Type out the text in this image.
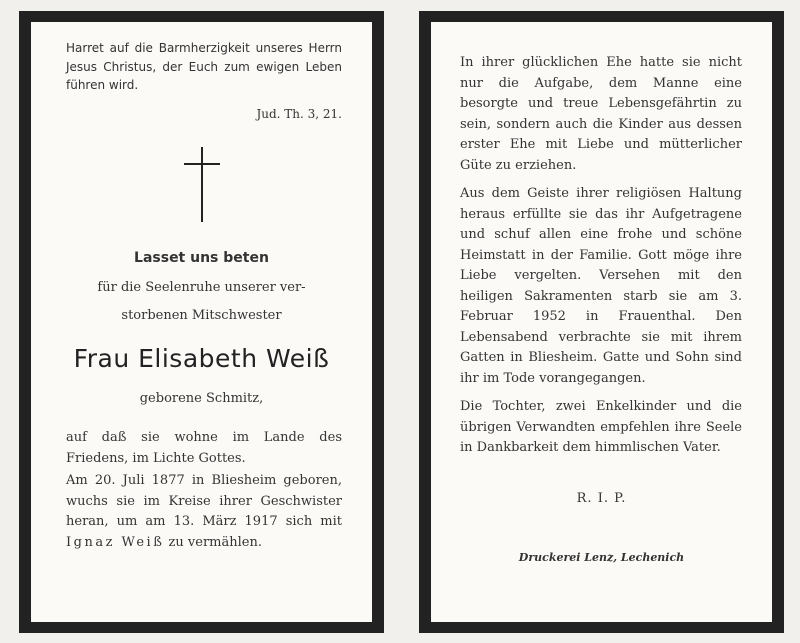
Harret auf die Barmherzigkeit unseres Herrn Jesus Christus, der Euch zum ewigen Leben führen wird.
Jud. Th. 3, 21.
Lasset uns beten
für die Seelenruhe unserer ver-
storbenen Mitschwester
Frau Elisabeth Weiß
geborene Schmitz,

auf daß sie wohne im Lande des Friedens, im Lichte Gottes.

Am 20. Juli 1877 in Bliesheim geboren, wuchs sie im Kreise ihrer Geschwister heran, um am 13. März 1917 sich mit Ignaz Weiß zu vermählen.

In ihrer glücklichen Ehe hatte sie nicht nur die Aufgabe, dem Manne eine besorgte und treue Lebensgefährtin zu sein, sondern auch die Kinder aus dessen erster Ehe mit Liebe und mütterlicher Güte zu erziehen.

Aus dem Geiste ihrer religiösen Haltung heraus erfüllte sie das ihr Aufgetragene und schuf allen eine frohe und schöne Heimstatt in der Familie. Gott möge ihre Liebe vergelten. Versehen mit den heiligen Sakramenten starb sie am 3. Februar 1952 in Frauenthal. Den Lebensabend verbrachte sie mit ihrem Gatten in Bliesheim. Gatte und Sohn sind ihr im Tode vorangegangen.

Die Tochter, zwei Enkelkinder und die übrigen Verwandten empfehlen ihre Seele in Dankbarkeit dem himmlischen Vater.

R. I. P.
Druckerei Lenz, Lechenich
